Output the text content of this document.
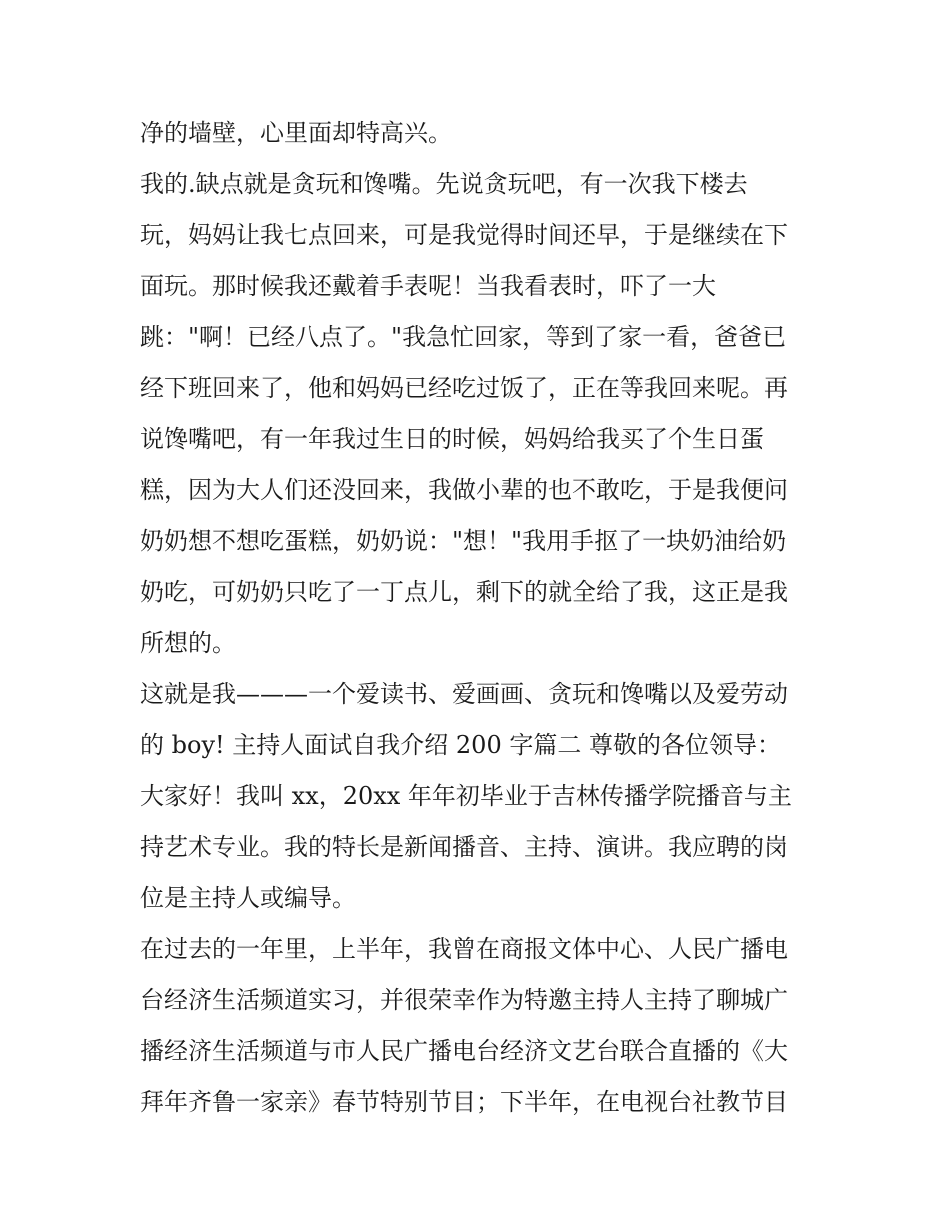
净的墙壁，心里面却特高兴。
我的.缺点就是贪玩和馋嘴。先说贪玩吧，有一次我下楼去
玩，妈妈让我七点回来，可是我觉得时间还早，于是继续在下
面玩。那时候我还戴着手表呢！当我看表时，吓了一大
跳："啊！已经八点了。"我急忙回家，等到了家一看，爸爸已
经下班回来了，他和妈妈已经吃过饭了，正在等我回来呢。再
说馋嘴吧，有一年我过生日的时候，妈妈给我买了个生日蛋
糕，因为大人们还没回来，我做小辈的也不敢吃，于是我便问
奶奶想不想吃蛋糕，奶奶说："想！"我用手抠了一块奶油给奶
奶吃，可奶奶只吃了一丁点儿，剩下的就全给了我，这正是我
所想的。
这就是我———一个爱读书、爱画画、贪玩和馋嘴以及爱劳动
的 boy! 主持人面试自我介绍 200 字篇二 尊敬的各位领导：
大家好！我叫 xx，20xx 年年初毕业于吉林传播学院播音与主
持艺术专业。我的特长是新闻播音、主持、演讲。我应聘的岗
位是主持人或编导。
在过去的一年里，上半年，我曾在商报文体中心、人民广播电
台经济生活频道实习，并很荣幸作为特邀主持人主持了聊城广
播经济生活频道与市人民广播电台经济文艺台联合直播的《大
拜年齐鲁一家亲》春节特别节目；下半年，在电视台社教节目
